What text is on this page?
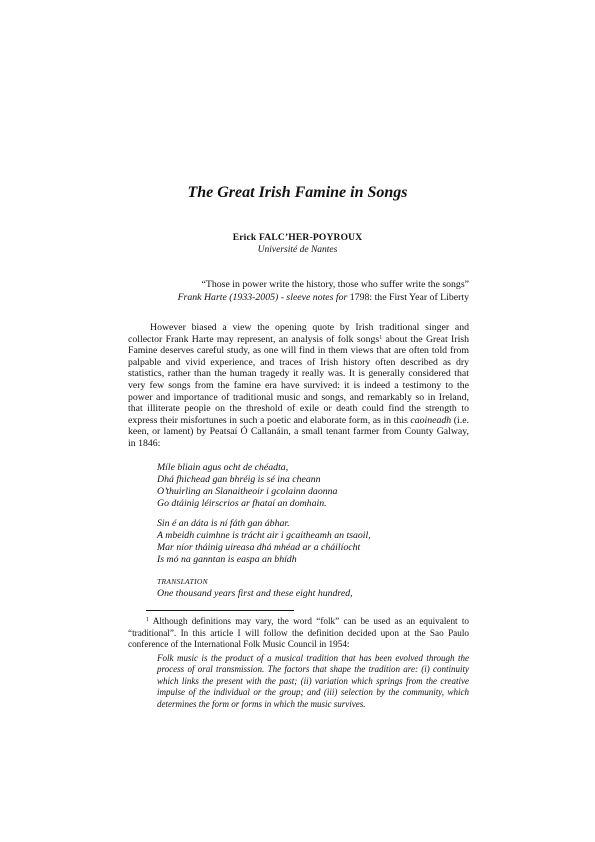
The Great Irish Famine in Songs
Erick FALC’HER-POYROUX
Université de Nantes
“Those in power write the history, those who suffer write the songs”
Frank Harte (1933-2005) - sleeve notes for 1798: the First Year of Liberty

However biased a view the opening quote by Irish traditional singer and collector Frank Harte may represent, an analysis of folk songs$^1$ about the Great Irish Famine deserves careful study, as one will find in them views that are often told from palpable and vivid experience, and traces of Irish history often described as dry statistics, rather than the human tragedy it really was. It is generally considered that very few songs from the famine era have survived: it is indeed a testimony to the power and importance of traditional music and songs, and remarkably so in Ireland, that illiterate people on the threshold of exile or death could find the strength to express their misfortunes in such a poetic and elaborate form, as in this caoineadh (i.e. keen, or lament) by Peatsaí Ó Callanáin, a small tenant farmer from County Galway, in 1846:

Míle bliain agus ocht de chéadta,
Dhá fhichead gan bhréig is sé ina cheann
O’thuirling an Slanaitheoir i gcolainn daonna
Go dtáinig léirscrios ar fhataí an domhain.
Sin é an dáta is ní fáth gan ábhar.
A mbeidh cuimhne is trácht air i gcaitheamh an tsaoil,
Mar níor tháinig uireasa dhá mhéad ar a cháilíocht
Is mó na ganntan is easpa an bhídh
TRANSLATION
One thousand years first and these eight hundred,

$^1$ Although definitions may vary, the word “folk” can be used as an equivalent to “traditional”. In this article I will follow the definition decided upon at the Sao Paulo conference of the International Folk Music Council in 1954:

Folk music is the product of a musical tradition that has been evolved through the process of oral transmission. The factors that shape the tradition are: (i) continuity which links the present with the past; (ii) variation which springs from the creative impulse of the individual or the group; and (iii) selection by the community, which determines the form or forms in which the music survives.
